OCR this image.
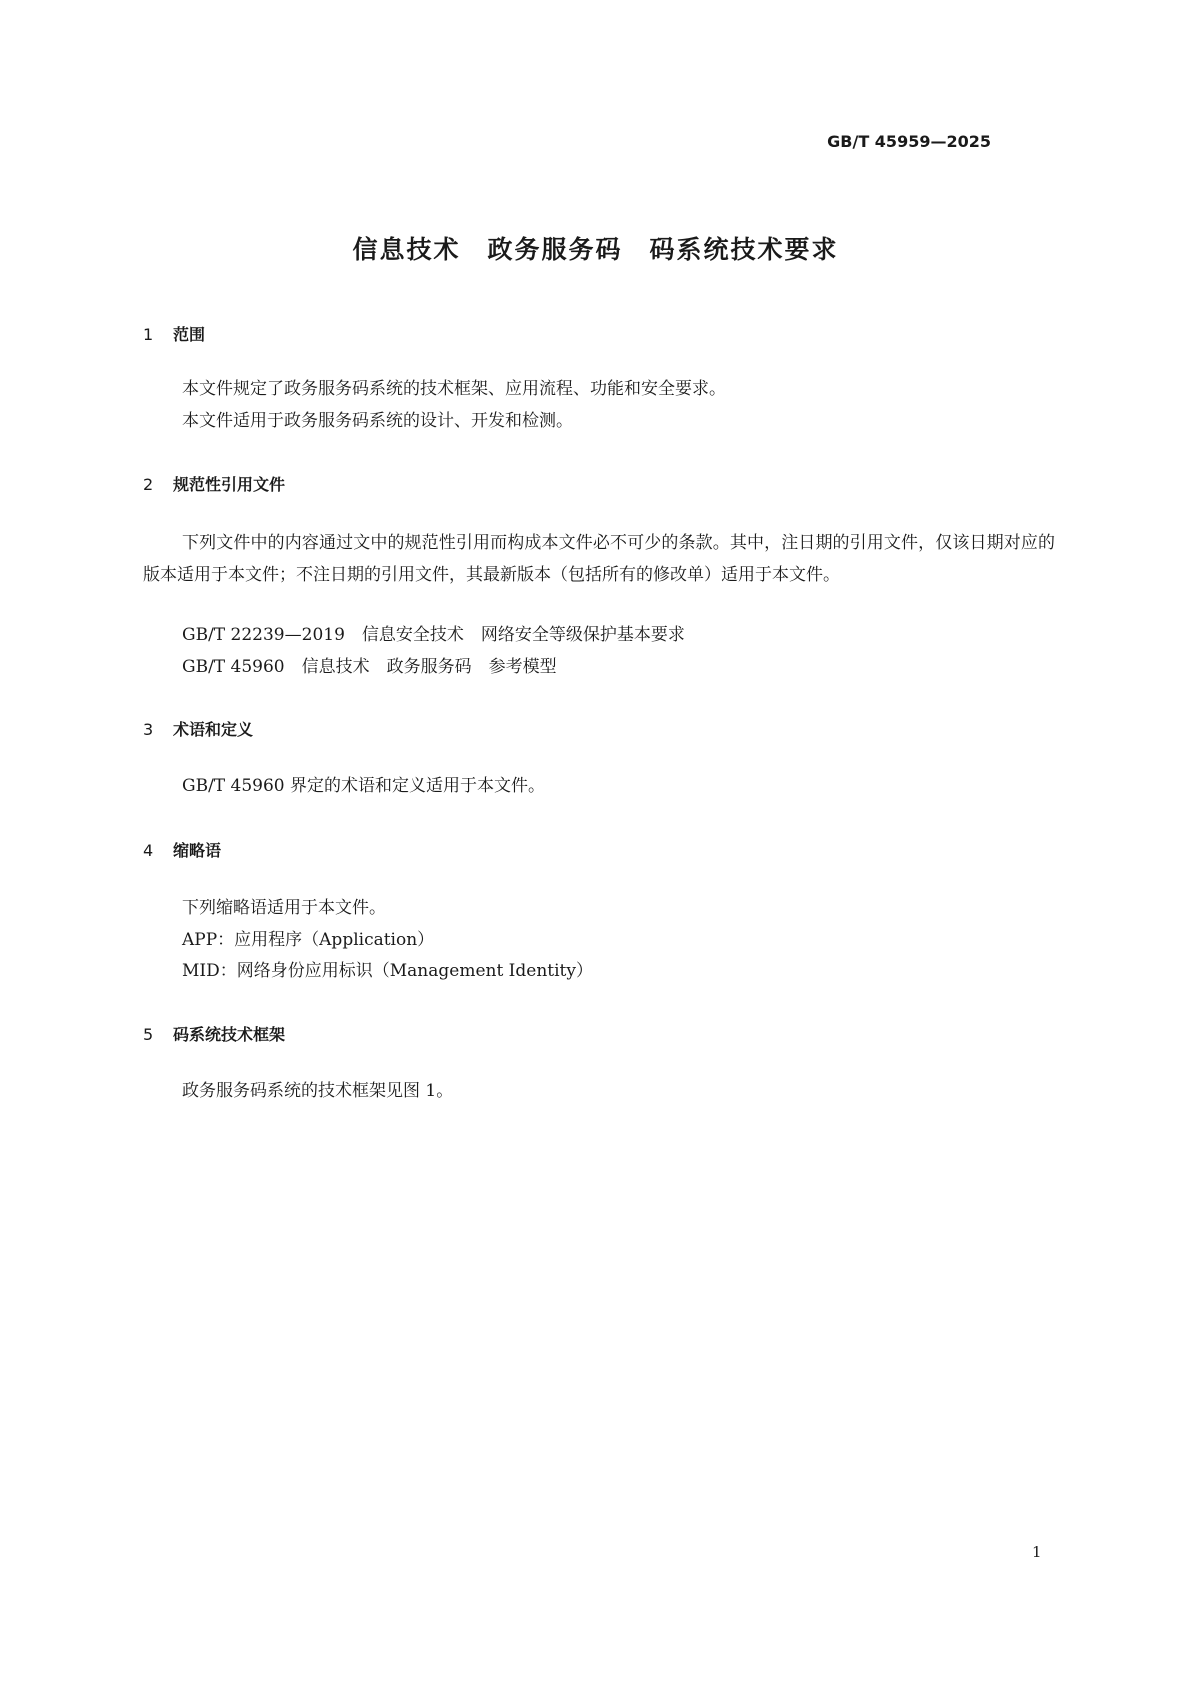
GB/T 45959—2025
信息技术　政务服务码　码系统技术要求
1 范围
本文件规定了政务服务码系统的技术框架、应用流程、功能和安全要求。
本文件适用于政务服务码系统的设计、开发和检测。
2 规范性引用文件
下列文件中的内容通过文中的规范性引用而构成本文件必不可少的条款。其中，注日期的引用文件，仅该日期对应的版本适用于本文件；不注日期的引用文件，其最新版本（包括所有的修改单）适用于本文件。
GB/T 22239—2019　信息安全技术　网络安全等级保护基本要求
GB/T 45960　信息技术　政务服务码　参考模型
3 术语和定义
GB/T 45960 界定的术语和定义适用于本文件。
4 缩略语
下列缩略语适用于本文件。
APP：应用程序（Application）
MID：网络身份应用标识（Management Identity）
5 码系统技术框架
政务服务码系统的技术框架见图 1。
1
